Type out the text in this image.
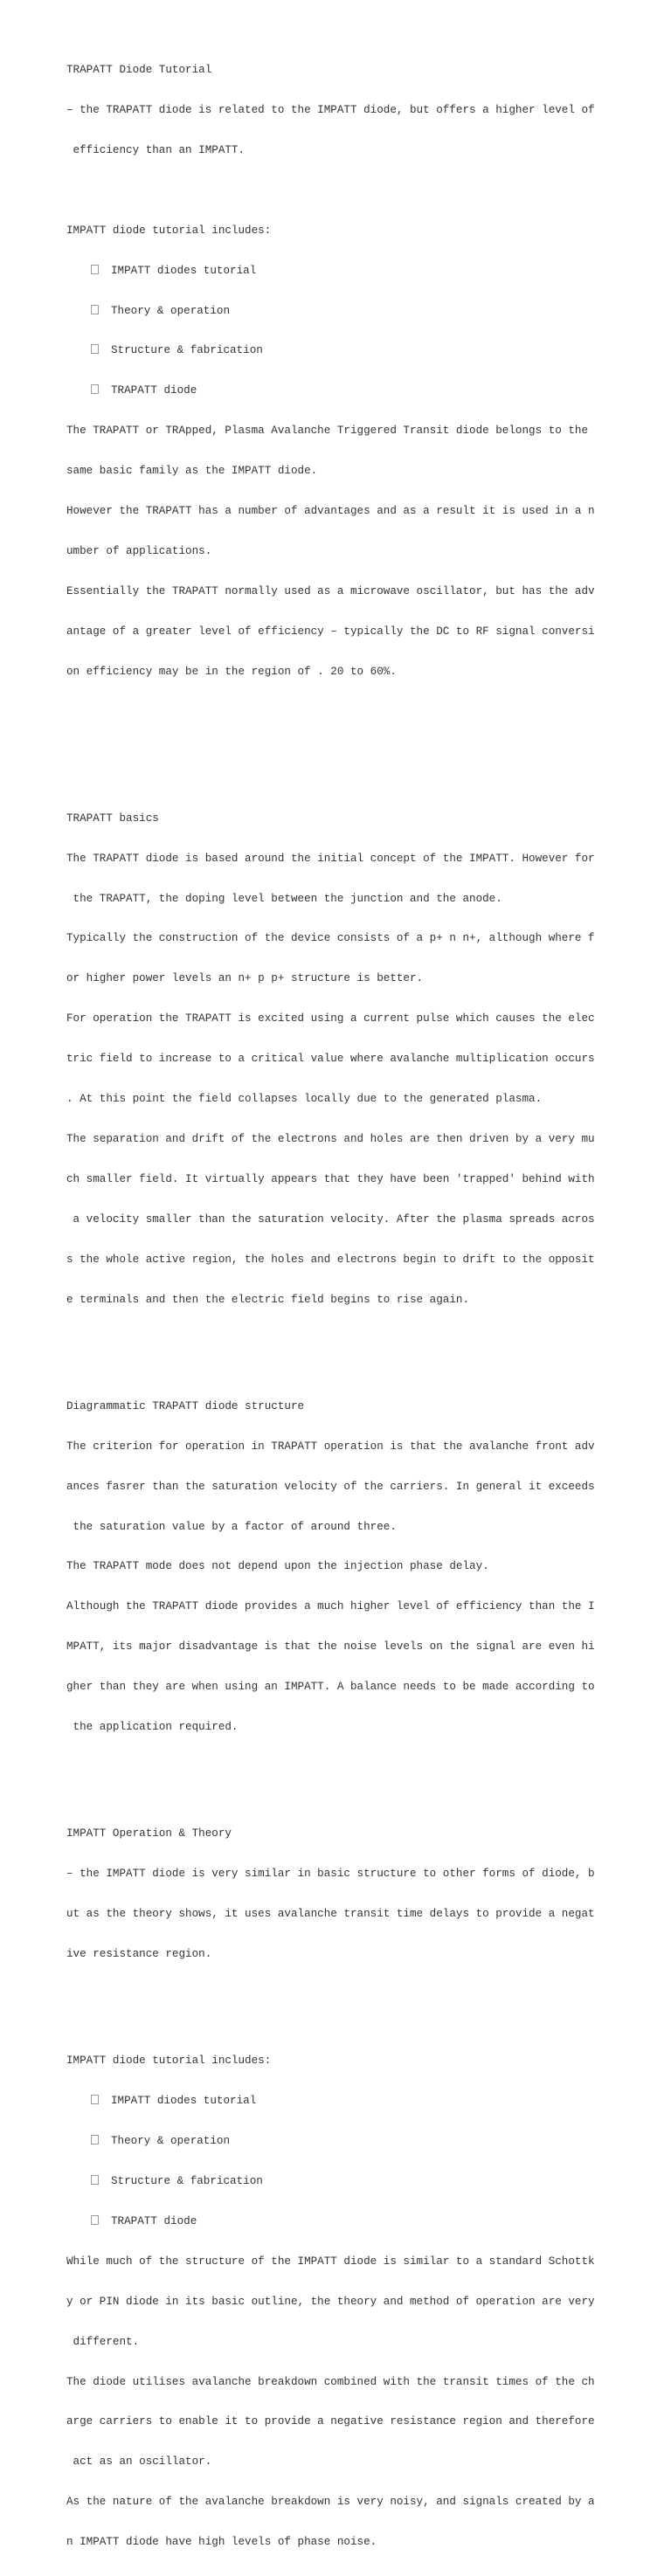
TRAPATT Diode Tutorial

– the TRAPATT diode is related to the IMPATT diode, but offers a higher level of

efficiency than an IMPATT.

IMPATT diode tutorial includes:

IMPATT diodes tutorial

Theory & operation

Structure & fabrication

TRAPATT diode

The TRAPATT or TRApped, Plasma Avalanche Triggered Transit diode belongs to the

same basic family as the IMPATT diode.

However the TRAPATT has a number of advantages and as a result it is used in a n

umber of applications.

Essentially the TRAPATT normally used as a microwave oscillator, but has the adv

antage of a greater level of efficiency – typically the DC to RF signal conversi

on efficiency may be in the region of . 20 to 60%.

TRAPATT basics

The TRAPATT diode is based around the initial concept of the IMPATT. However for

the TRAPATT, the doping level between the junction and the anode.

Typically the construction of the device consists of a p+ n n+, although where f

or higher power levels an n+ p p+ structure is better.

For operation the TRAPATT is excited using a current pulse which causes the elec

tric field to increase to a critical value where avalanche multiplication occurs

. At this point the field collapses locally due to the generated plasma.

The separation and drift of the electrons and holes are then driven by a very mu

ch smaller field. It virtually appears that they have been 'trapped' behind with

a velocity smaller than the saturation velocity. After the plasma spreads acros

s the whole active region, the holes and electrons begin to drift to the opposit

e terminals and then the electric field begins to rise again.

Diagrammatic TRAPATT diode structure

The criterion for operation in TRAPATT operation is that the avalanche front adv

ances fasrer than the saturation velocity of the carriers. In general it exceeds

the saturation value by a factor of around three.

The TRAPATT mode does not depend upon the injection phase delay.

Although the TRAPATT diode provides a much higher level of efficiency than the I

MPATT, its major disadvantage is that the noise levels on the signal are even hi

gher than they are when using an IMPATT. A balance needs to be made according to

the application required.

IMPATT Operation & Theory

– the IMPATT diode is very similar in basic structure to other forms of diode, b

ut as the theory shows, it uses avalanche transit time delays to provide a negat

ive resistance region.

IMPATT diode tutorial includes:

IMPATT diodes tutorial

Theory & operation

Structure & fabrication

TRAPATT diode

While much of the structure of the IMPATT diode is similar to a standard Schottk

y or PIN diode in its basic outline, the theory and method of operation are very

different.

The diode utilises avalanche breakdown combined with the transit times of the ch

arge carriers to enable it to provide a negative resistance region and therefore

act as an oscillator.

As the nature of the avalanche breakdown is very noisy, and signals created by a

n IMPATT diode have high levels of phase noise.
